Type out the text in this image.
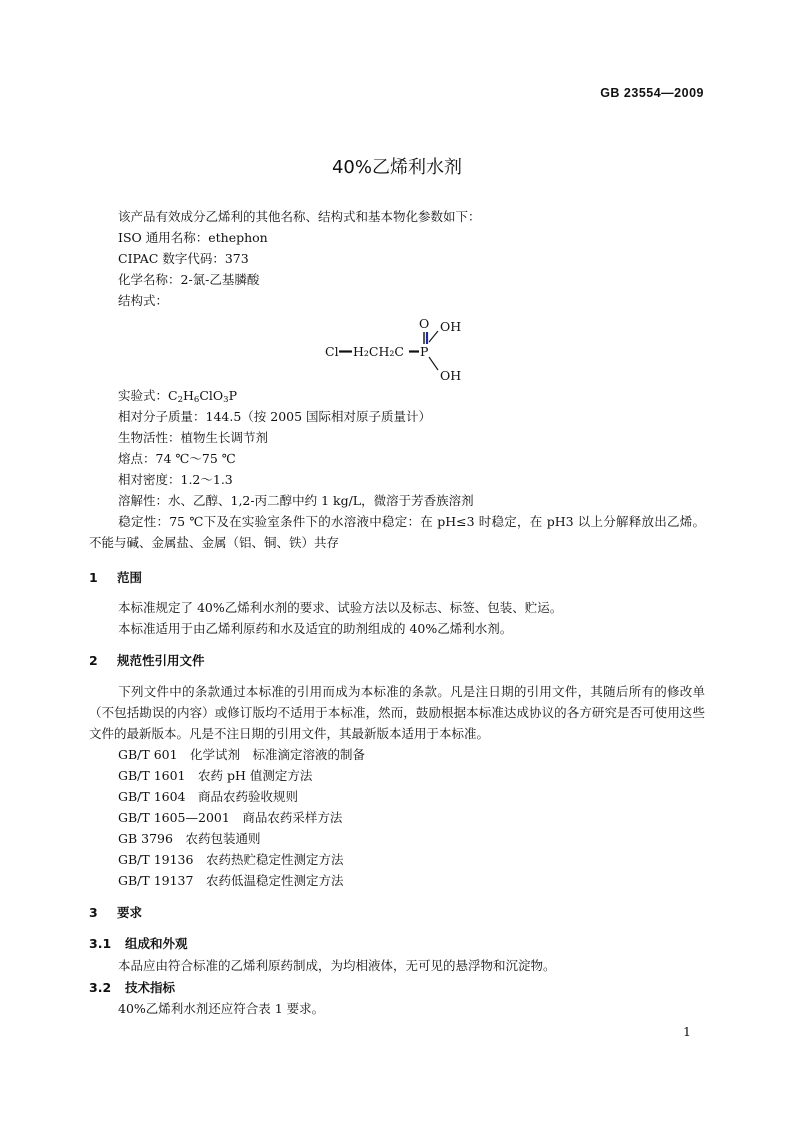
GB 23554—2009
40%乙烯利水剂
该产品有效成分乙烯利的其他名称、结构式和基本物化参数如下：
ISO 通用名称：ethephon
CIPAC 数字代码：373
化学名称：2-氯-乙基膦酸
结构式：
Cl H₂CH₂C P
O OH
OH
实验式：$C_2H_6ClO_3P$
相对分子质量：144.5（按 2005 国际相对原子质量计）
生物活性：植物生长调节剂
熔点：74 ℃～75 ℃
相对密度：1.2～1.3
溶解性：水、乙醇、1,2-丙二醇中约 1 kg/L，微溶于芳香族溶剂
稳定性：75 ℃下及在实验室条件下的水溶液中稳定：在 pH≤3 时稳定，在 pH3 以上分解释放出乙烯。不能与碱、金属盐、金属（铝、铜、铁）共存
1 范围
本标准规定了 40%乙烯利水剂的要求、试验方法以及标志、标签、包装、贮运。
本标准适用于由乙烯利原药和水及适宜的助剂组成的 40%乙烯利水剂。
2 规范性引用文件
下列文件中的条款通过本标准的引用而成为本标准的条款。凡是注日期的引用文件，其随后所有的修改单（不包括勘误的内容）或修订版均不适用于本标准，然而，鼓励根据本标准达成协议的各方研究是否可使用这些文件的最新版本。凡是不注日期的引用文件，其最新版本适用于本标准。
GB/T 601　化学试剂　标准滴定溶液的制备
GB/T 1601　农药 pH 值测定方法
GB/T 1604　商品农药验收规则
GB/T 1605—2001　商品农药采样方法
GB 3796　农药包装通则
GB/T 19136　农药热贮稳定性测定方法
GB/T 19137　农药低温稳定性测定方法
3 要求
3.1 组成和外观
本品应由符合标准的乙烯利原药制成，为均相液体，无可见的悬浮物和沉淀物。
3.2 技术指标
40%乙烯利水剂还应符合表 1 要求。
1
